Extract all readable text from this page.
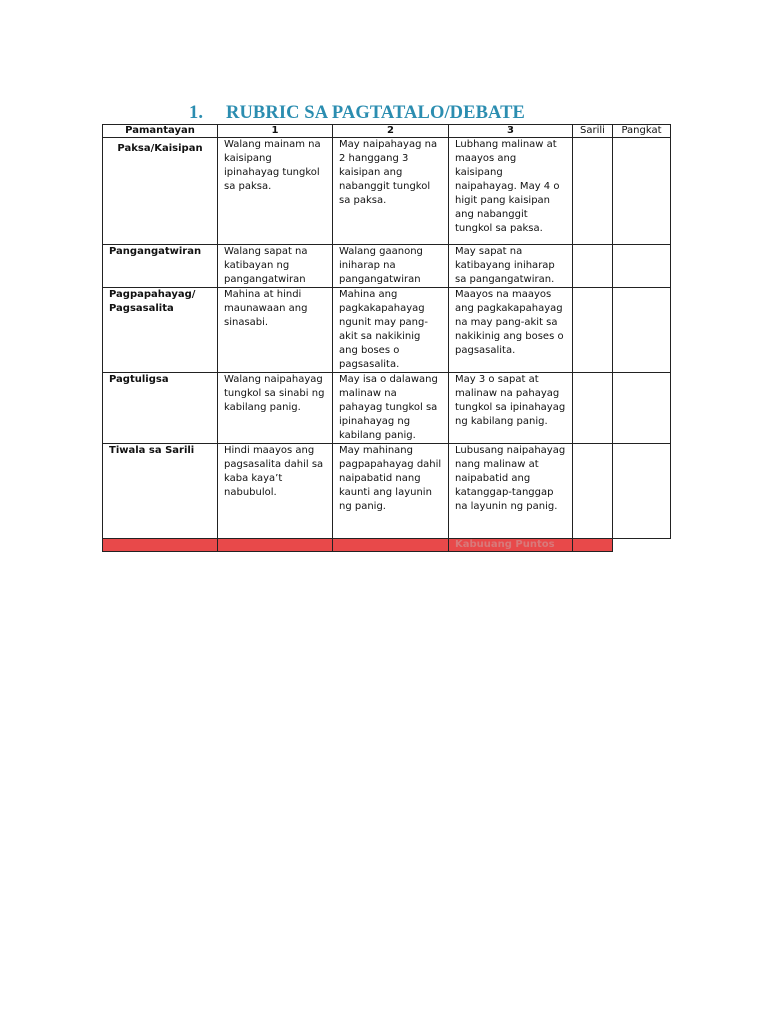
1. RUBRIC SA PAGTATALO/DEBATE
Pamantayan	1	2	3	Sarili	Pangkat
Paksa/Kaisipan	Walang mainam na kaisipang ipinahayag tungkol sa paksa.	May naipahayag na 2 hanggang 3 kaisipan ang nabanggit tungkol sa paksa.	Lubhang malinaw at maayos ang kaisipang naipahayag. May 4 o higit pang kaisipan ang nabanggit tungkol sa paksa.		
Pangangatwiran	Walang sapat na katibayan ng pangangatwiran	Walang gaanong iniharap na pangangatwiran	May sapat na katibayang iniharap sa pangangatwiran.		
Pagpapahayag/ Pagsasalita	Mahina at hindi maunawaan ang sinasabi.	Mahina ang pagkakapahayag ngunit may pang-akit sa nakikinig ang boses o pagsasalita.	Maayos na maayos ang pagkakapahayag na may pang-akit sa nakikinig ang boses o pagsasalita.		
Pagtuligsa	Walang naipahayag tungkol sa sinabi ng kabilang panig.	May isa o dalawang malinaw na pahayag tungkol sa ipinahayag ng kabilang panig.	May 3 o sapat at malinaw na pahayag tungkol sa ipinahayag ng kabilang panig.		
Tiwala sa Sarili	Hindi maayos ang pagsasalita dahil sa kaba kaya’t nabubulol.	May mahinang pagpapahayag dahil naipabatid nang kaunti ang layunin ng panig.	Lubusang naipahayag nang malinaw at naipabatid ang katanggap-tanggap na layunin ng panig.		
			Kabuuang Puntos		
